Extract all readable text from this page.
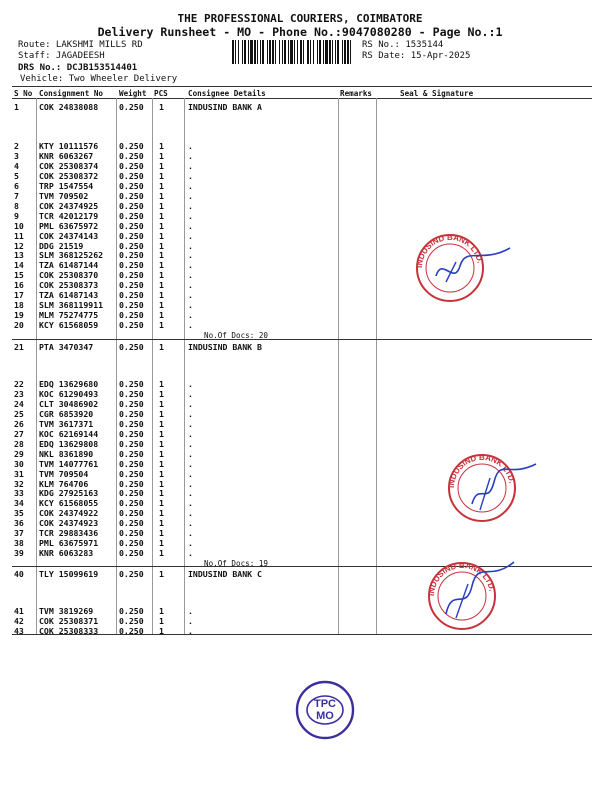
THE PROFESSIONAL COURIERS, COIMBATORE
Delivery Runsheet - MO - Phone No.:9047080280 - Page No.:1
Route: LAKSHMI MILLS RD
Staff: JAGADEESH
DRS No.: DCJB153514401
Vehicle: Two Wheeler Delivery
RS No.: 1535144
RS Date: 15-Apr-2025
S No Consignment No Weight PCS	Consignee Details	Remarks	Seal & Signature
1 COK 24838088	0.250 1	INDUSIND BANK A
2 KTY 10111576	0.250 1	.
3 KNR 6063267	0.250 1	.
4 COK 25308374	0.250 1	.
5 COK 25308372	0.250 1	.
6 TRP 1547554	0.250 1	.
7 TVM 709502	0.250 1	.
8 COK 24374925	0.250 1	.
9 TCR 42012179	0.250 1	.
10 PML 63675972	0.250 1	.
11 COK 24374143	0.250 1	.
12 DDG 21519	0.250 1	.
13 SLM 368125262 0.250 1	.
14 TZA 61487144	0.250 1	.
15 COK 25308370	0.250 1	.
16 COK 25308373	0.250 1	.
17 TZA 61487143	0.250 1	.
18 SLM 368119911 0.250 1	.
19 MLM 75274775	0.250 1	.
20 KCY 61568059	0.250 1	.
No.Of Docs: 20
21 PTA 3470347	0.250 1	INDUSIND BANK B
22 EDQ 13629680	0.250 1	.
23 KOC 61290493	0.250 1	.
24 CLT 30486902	0.250 1	.
25 CGR 6853920	0.250 1	.
26 TVM 3617371	0.250 1	.
27 KOC 62169144	0.250 1	.
28 EDQ 13629808	0.250 1	.
29 NKL 8361890	0.250 1	.
30 TVM 14077761	0.250 1	.
31 TVM 709504	0.250 1	.
32 KLM 764706	0.250 1	.
33 KDG 27925163	0.250 1	.
34 KCY 61568055	0.250 1	.
35 COK 24374922	0.250 1	.
36 COK 24374923	0.250 1	.
37 TCR 29883436	0.250 1	.
38 PML 63675971	0.250 1	.
39 KNR 6063283	0.250 1	.
No.Of Docs: 19
40 TLY 15099619	0.250 1	INDUSIND BANK C
41 TVM 3819269	0.250 1	.
42 COK 25308371	0.250 1	.
43 COK 25308333	0.250 1	.
INDUSIND BANK LTD.
INDUSIND BANK LTD.
INDUSIND BANK LTD.
TPC
MO
